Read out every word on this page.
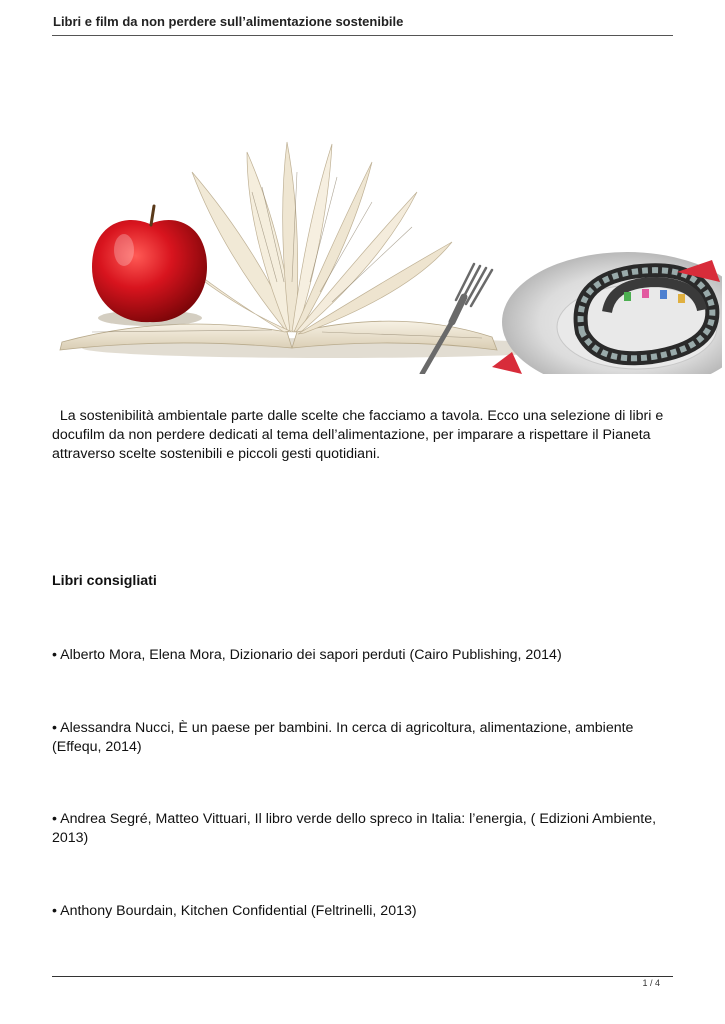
Libri e film da non perdere sull’alimentazione sostenibile
La sostenibilità ambientale parte dalle scelte che facciamo a tavola. Ecco una selezione di libri e docufilm da non perdere dedicati al tema dell’alimentazione, per imparare a rispettare il Pianeta attraverso scelte sostenibili e piccoli gesti quotidiani.
Libri consigliati
• Alberto Mora, Elena Mora, Dizionario dei sapori perduti (Cairo Publishing, 2014)
• Alessandra Nucci, È un paese per bambini. In cerca di agricoltura, alimentazione, ambiente (Effequ, 2014)
• Andrea Segré, Matteo Vittuari, Il libro verde dello spreco in Italia: l’energia, ( Edizioni Ambiente, 2013)
• Anthony Bourdain, Kitchen Confidential (Feltrinelli, 2013)
1 / 4
